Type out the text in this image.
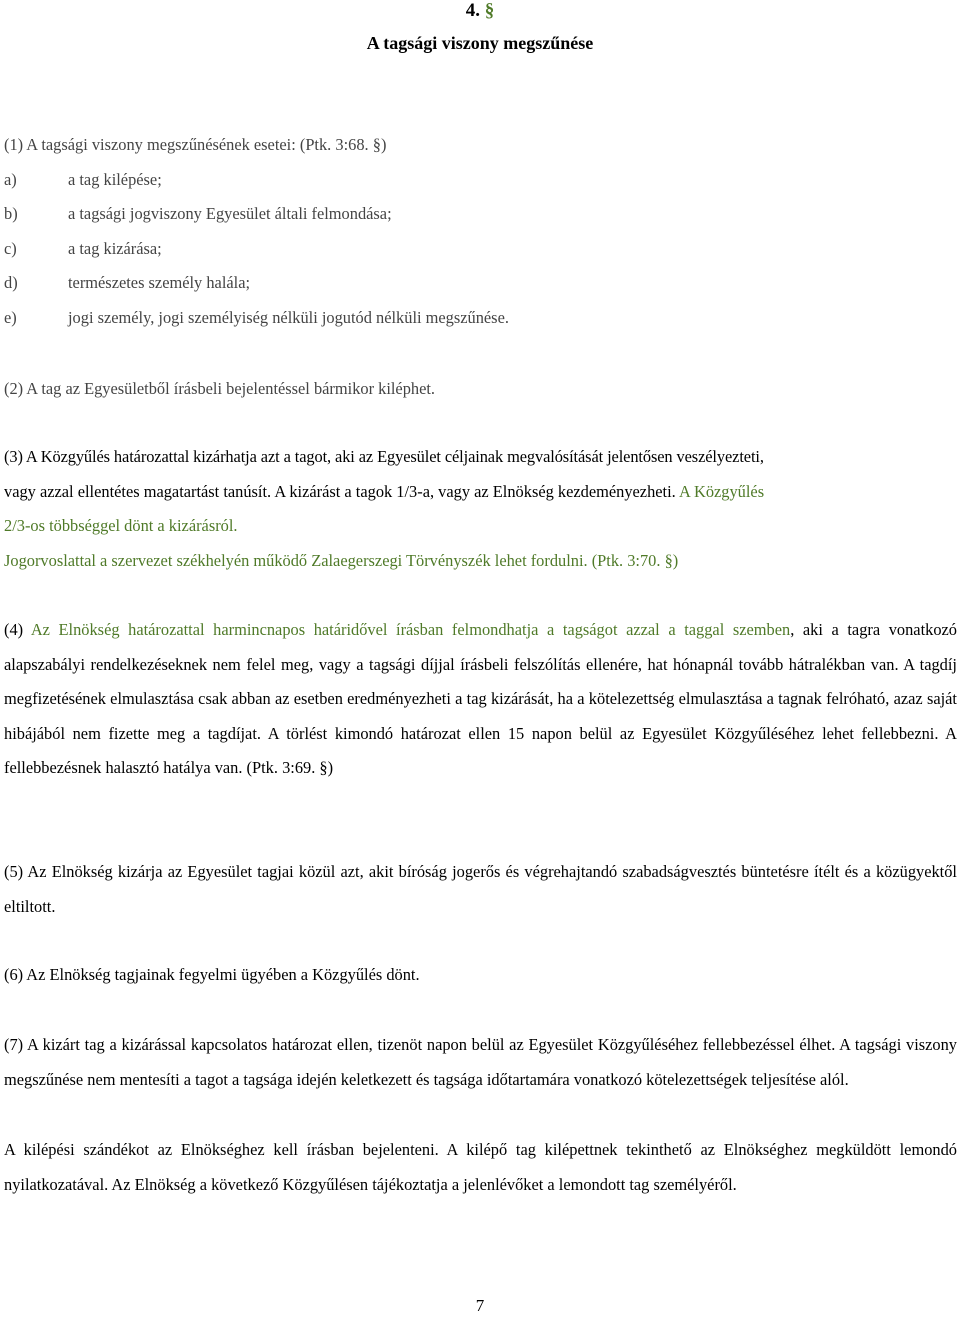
4. §
A tagsági viszony megszűnése
(1) A tagsági viszony megszűnésének esetei: (Ptk. 3:68. §)
a)	a tag kilépése;
b)	a tagsági jogviszony Egyesület általi felmondása;
c)	a tag kizárása;
d)	természetes személy halála;
e)	jogi személy, jogi személyiség nélküli jogutód nélküli megszűnése.
(2) A tag az Egyesületből írásbeli bejelentéssel bármikor kiléphet.
(3) A Közgyűlés határozattal kizárhatja azt a tagot, aki az Egyesület céljainak megvalósítását jelentősen veszélyezteti,
vagy azzal ellentétes magatartást tanúsít. A kizárást a tagok 1/3-a, vagy az Elnökség kezdeményezheti. A Közgyűlés
2/3-os többséggel dönt a kizárásról.
Jogorvoslattal a szervezet székhelyén működő Zalaegerszegi Törvényszék lehet fordulni. (Ptk. 3:70. §)
(4) Az Elnökség határozattal harmincnapos határidővel írásban felmondhatja a tagságot azzal a taggal szemben, aki a tagra vonatkozó alapszabályi rendelkezéseknek nem felel meg, vagy a tagsági díjjal írásbeli felszólítás ellenére, hat hónapnál tovább hátralékban van. A tagdíj megfizetésének elmulasztása csak abban az esetben eredményezheti a tag kizárását, ha a kötelezettség elmulasztása a tagnak felróható, azaz saját hibájából nem fizette meg a tagdíjat. A törlést kimondó határozat ellen 15 napon belül az Egyesület Közgyűléséhez lehet fellebbezni. A fellebbezésnek halasztó hatálya van. (Ptk. 3:69. §)
(5) Az Elnökség kizárja az Egyesület tagjai közül azt, akit bíróság jogerős és végrehajtandó szabadságvesztés büntetésre ítélt és a közügyektől eltiltott.
(6) Az Elnökség tagjainak fegyelmi ügyében a Közgyűlés dönt.
(7) A kizárt tag a kizárással kapcsolatos határozat ellen, tizenöt napon belül az Egyesület Közgyűléséhez fellebbezéssel élhet. A tagsági viszony megszűnése nem mentesíti a tagot a tagsága idején keletkezett és tagsága időtartamára vonatkozó kötelezettségek teljesítése alól.
A kilépési szándékot az Elnökséghez kell írásban bejelenteni. A kilépő tag kilépettnek tekinthető az Elnökséghez megküldött lemondó nyilatkozatával. Az Elnökség a következő Közgyűlésen tájékoztatja a jelenlévőket a lemondott tag személyéről.
7
